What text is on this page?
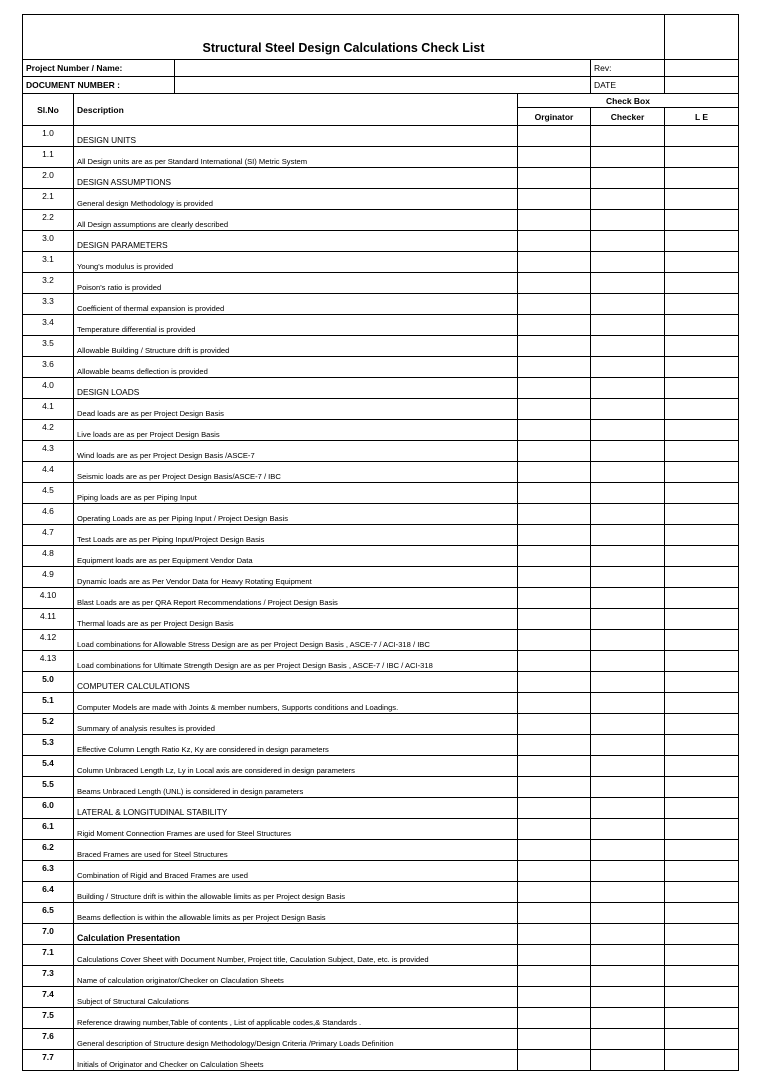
Structural Steel Design Calculations Check List					
Project Number / Name:				Rev:	
DOCUMENT NUMBER :				DATE	
Sl.No	Description		Check Box		
			Orginator	Checker	L E
1.0	DESIGN UNITS				
1.1	All Design units are as per Standard International (SI) Metric System				
2.0	DESIGN ASSUMPTIONS				
2.1	General design Methodology is provided				
2.2	All Design assumptions are clearly described				
3.0	DESIGN PARAMETERS				
3.1	Young's modulus is provided				
3.2	Poison's ratio is provided				
3.3	Coefficient of thermal expansion is provided				
3.4	Temperature differential is provided				
3.5	Allowable Building / Structure drift is provided				
3.6	Allowable beams deflection is provided				
4.0	DESIGN LOADS				
4.1	Dead loads are as per Project Design Basis				
4.2	Live loads are as per Project Design Basis				
4.3	Wind loads are as per Project Design Basis /ASCE-7				
4.4	Seismic loads are as per Project Design Basis/ASCE-7 / IBC				
4.5	Piping loads are as per Piping Input				
4.6	Operating Loads are as per Piping Input / Project Design Basis				
4.7	Test Loads are as per Piping Input/Project Design Basis				
4.8	Equipment loads are as per Equipment Vendor Data				
4.9	Dynamic loads are as Per Vendor Data for Heavy Rotating Equipment				
4.10	Blast Loads are as per QRA Report Recommendations / Project Design Basis				
4.11	Thermal loads are as per Project Design Basis				
4.12	Load combinations for Allowable Stress Design are as per Project Design Basis , ASCE-7 / ACI-318 / IBC				
4.13	Load combinations for Ultimate Strength Design are as per Project Design Basis , ASCE-7 / IBC / ACI-318				
5.0	COMPUTER CALCULATIONS				
5.1	Computer Models are made with Joints & member numbers, Supports conditions and Loadings.				
5.2	Summary of analysis resultes is provided				
5.3	Effective Column Length Ratio Kz, Ky are considered in design parameters				
5.4	Column Unbraced Length Lz, Ly in Local axis are considered in design parameters				
5.5	Beams Unbraced Length (UNL) is considered in design parameters				
6.0	LATERAL & LONGITUDINAL STABILITY				
6.1	Rigid Moment Connection Frames are used for Steel Structures				
6.2	Braced Frames are used for Steel Structures				
6.3	Combination of Rigid and Braced Frames are used				
6.4	Building / Structure drift is within the allowable limits as per Project design Basis				
6.5	Beams deflection is within the allowable limits as per Project Design Basis				
7.0	Calculation Presentation				
7.1	Calculations Cover Sheet with Document Number, Project title, Caculation Subject, Date, etc. is provided				
7.3	Name of calculation originator/Checker on Claculation Sheets				
7.4	Subject of Structural Calculations				
7.5	Reference drawing number,Table of contents , List of applicable codes,& Standards .				
7.6	General description of Structure design Methodology/Design Criteria /Primary Loads Definition				
7.7	Initials of Originator and Checker on Calculation Sheets				
